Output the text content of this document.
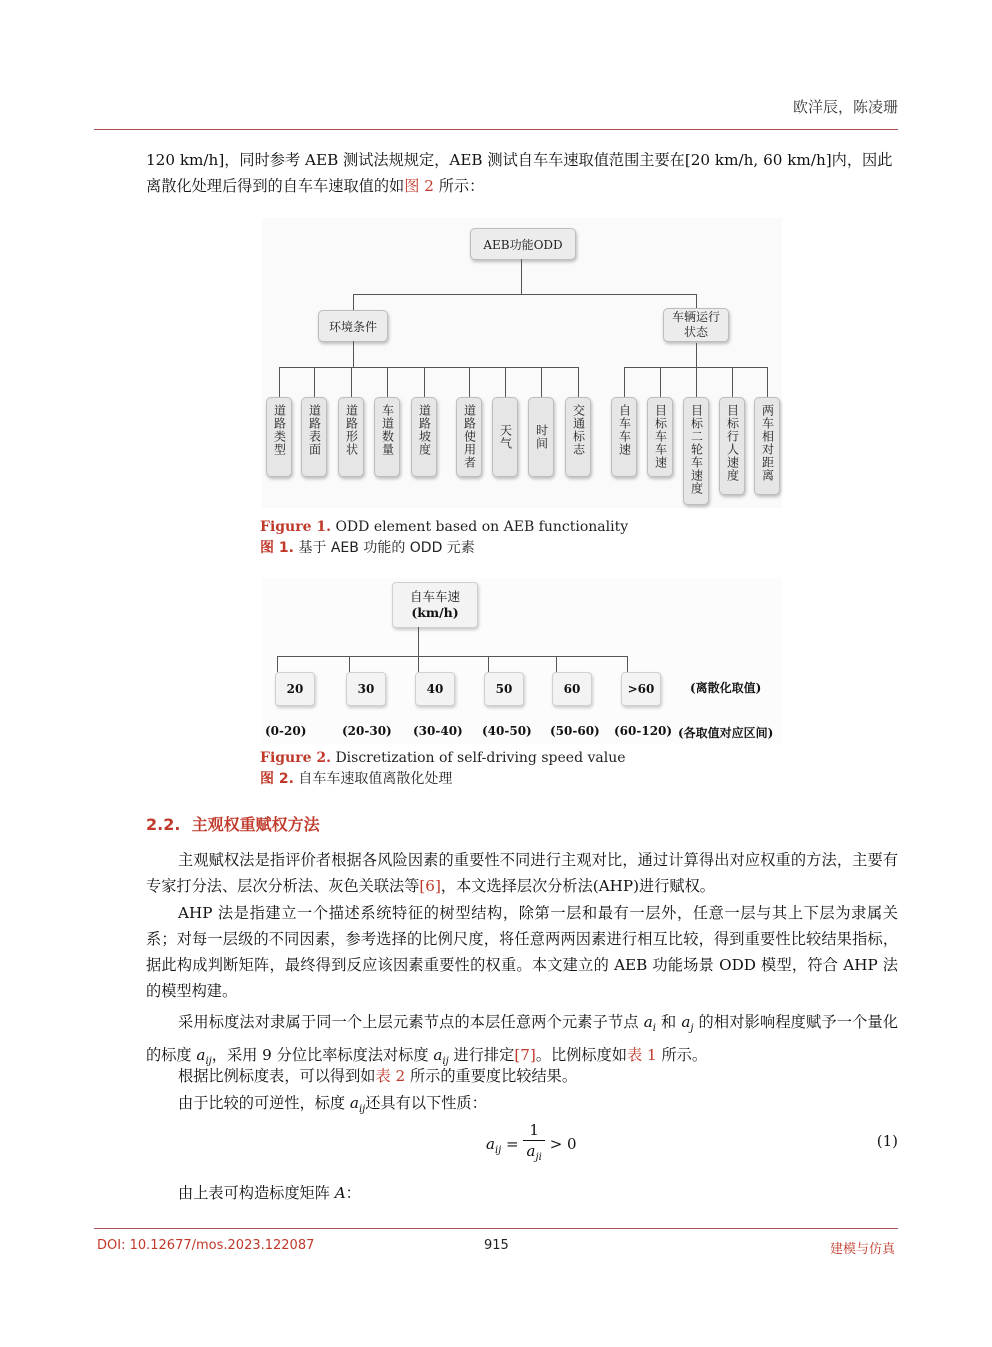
欧洋辰，陈凌珊
120 km/h]，同时参考 AEB 测试法规规定，AEB 测试自车车速取值范围主要在[20 km/h, 60 km/h]内，因此
离散化处理后得到的自车车速取值的如图 2 所示：
AEB功能ODD
环境条件
车辆运行状态
道路类型	道路表面	道路形状	车道数量	道路坡度	道路使用者	天气	时间	交通标志	自车车速	目标车车速	目标二轮车速度	目标行人速度	两车相对距离
Figure 1. ODD element based on AEB functionality
图 1. 基于 AEB 功能的 ODD 元素
自车车速
(km/h)
20	30	40	50	60	>60	(离散化取值)
(0-20)	(20-30) (30-40) (40-50) (50-60) (60-120) (各取值对应区间)
Figure 2. Discretization of self-driving speed value
图 2. 自车车速取值离散化处理
2.2. 主观权重赋权方法
主观赋权法是指评价者根据各风险因素的重要性不同进行主观对比，通过计算得出对应权重的方法，主要有专家打分法、层次分析法、灰色关联法等[6]，本文选择层次分析法(AHP)进行赋权。
AHP 法是指建立一个描述系统特征的树型结构，除第一层和最有一层外，任意一层与其上下层为隶属关系；对每一层级的不同因素，参考选择的比例尺度，将任意两两因素进行相互比较，得到重要性比较结果指标，据此构成判断矩阵，最终得到反应该因素重要性的权重。本文建立的 AEB 功能场景 ODD 模型，符合 AHP 法的模型构建。
采用标度法对隶属于同一个上层元素节点的本层任意两个元素子节点 $a_i$ 和 $a_j$ 的相对影响程度赋予一个量化的标度 $a_{ij}$，采用 9 分位比率标度法对标度 $a_{ij}$ 进行排定[7]。比例标度如表 1 所示。
根据比例标度表，可以得到如表 2 所示的重要度比较结果。
由于比较的可逆性，标度 $a_{ij}$还具有以下性质：
a $_{ij}$ =
1
$a_{ji}$
> 0	(1)
由上表可构造标度矩阵 A：
DOI: 10.12677/mos.2023.122087	915	建模与仿真
